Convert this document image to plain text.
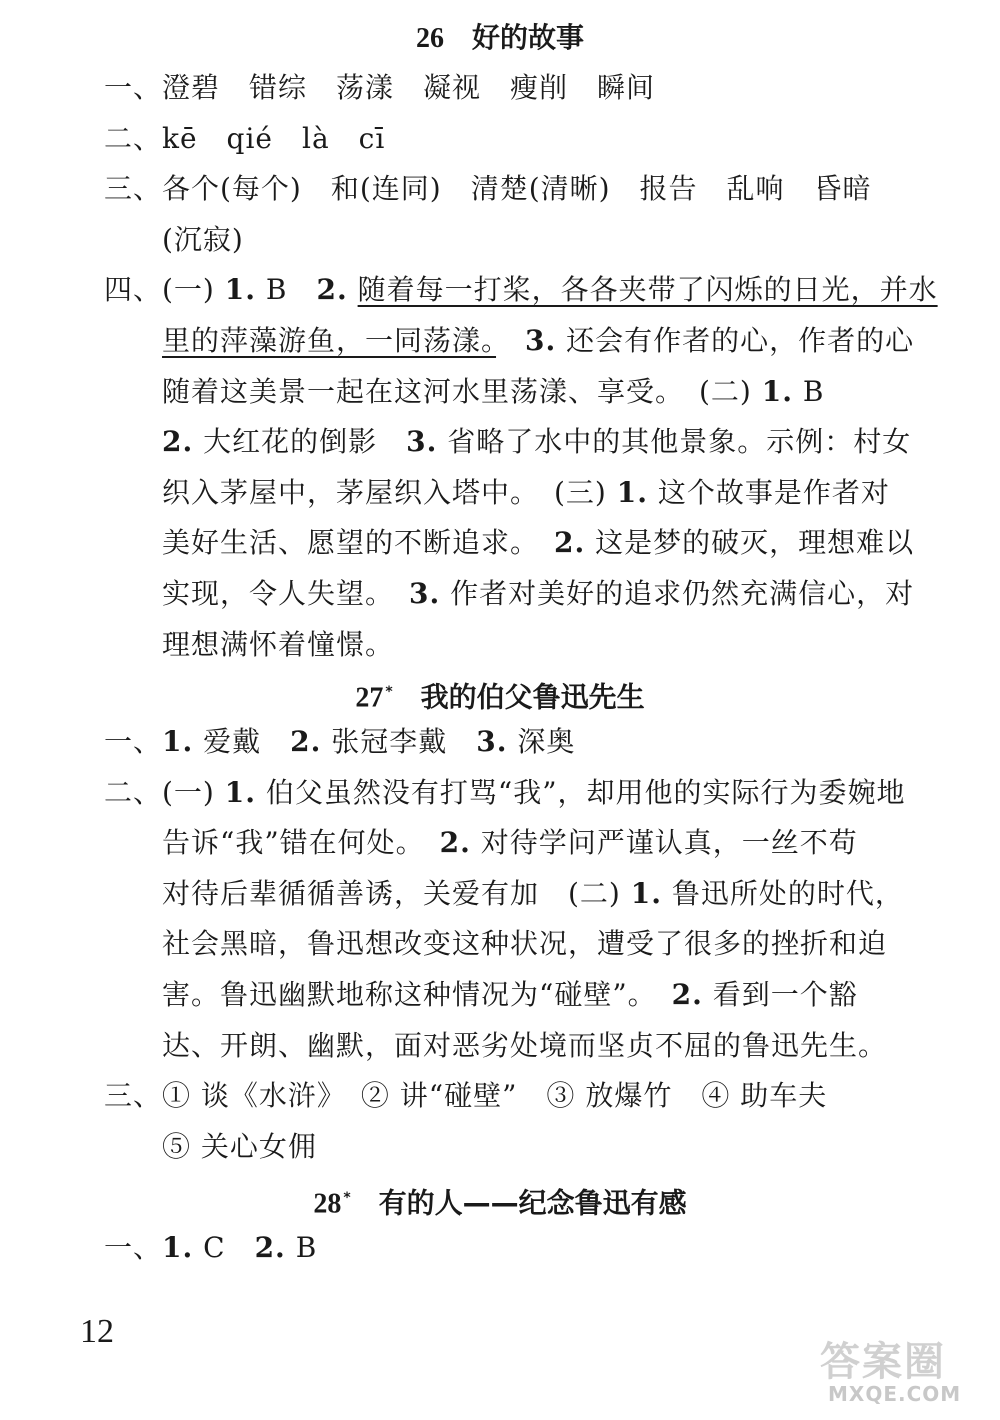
26　 好的故事
一、澄碧　错综　荡漾　凝视　瘦削　瞬间
二、kē　qié　là　cī
三、各个(每个)　和(连同)　清楚(清晰)　报告　乱响　昏暗
　　(沉寂)
四、(一) 1. B　2. 随着每一打桨，各各夹带了闪烁的日光，并水
　　里的萍藻游鱼，一同荡漾。　 3. 还会有作者的心，作者的心
　　随着这美景一起在这河水里荡漾、享受。　(二) 1. B
　　2. 大红花的倒影　3. 省略了水中的其他景象。示例：村女
　　织入茅屋中，茅屋织入塔中。　(三) 1. 这个故事是作者对
　　美好生活、愿望的不断追求。　2. 这是梦的破灭，理想难以
　　实现，令人失望。　3. 作者对美好的追求仍然充满信心，对
　　理想满怀着憧憬。
27 *　 我的伯父鲁迅先生
一、1. 爱戴　2. 张冠李戴　3. 深奥
二、(一) 1. 伯父虽然没有打骂“我”，却用他的实际行为委婉地
　　告诉“我”错在何处。　2. 对待学问严谨认真，一丝不苟
　　对待后辈循循善诱，关爱有加　(二) 1. 鲁迅所处的时代，
　　社会黑暗，鲁迅想改变这种状况，遭受了很多的挫折和迫
　　害。鲁迅幽默地称这种情况为“碰壁”。　2. 看到一个豁
　　达、开朗、幽默，面对恶劣处境而坚贞不屈的鲁迅先生。
三、① 谈《水浒》　② 讲“碰壁”　③ 放爆竹　④ 助车夫
　　⑤ 关心女佣
28 *　 有的人——纪念鲁迅有感
一、1. C　2. B
12
答案圈
MXQE.COM
